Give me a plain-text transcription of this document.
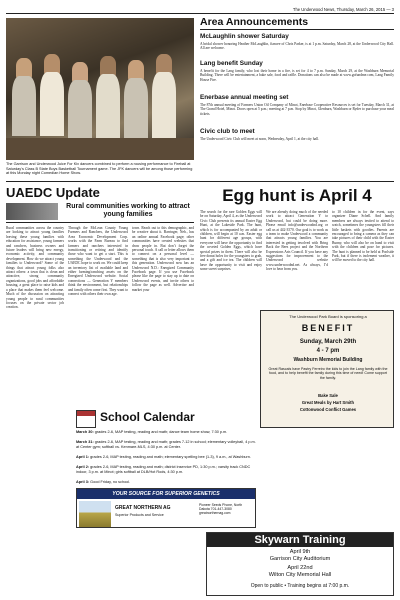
The Underwood News, Thursday, March 26, 2015 — 3
The Garrison and Underwood Juice For Kix dancers combined to perform a rousing performance to Fireball at Saturday’s Class B State Boys Basketball Tournament game. The JFK dancers will be among those performing at this Monday night Comedian Home Show.
Area Announcements
McLaughlin shower Saturday
A bridal shower honoring Heather McLaughlin, fiancee of Chris Parker, is at 1 p.m. Saturday, March 28, at the Underwood City Hall. All are welcome.
Lang benefit Sunday
A benefit for the Lang family, who lost their home in a fire, is set for 4 to 7 p.m. Sunday, March 29, at the Washburn Memorial Building. There will be entertainment, a bake sale, food and raffle. Donations can also be made at www.gofundme.com, Lang Family House Fire.
Enerbase annual meeting set
The 87th annual meeting of Farmers Union Oil Company of Minot, Enerbase Cooperative Resources is set for Tuesday, March 31, at The Grand Hotel, Minot. Doors open at 5 p.m.; meeting at 7 p.m. Stop by Minot, Glenburn, Washburn or Ryder to purchase your meal tickets.
Civic club to meet
The Underwood Civic Club will meet at noon, Wednesday, April 1, at the city hall.
UAEDC Update
Rural communities working to attract young families
Rural communities across the country are looking to attract young families leaving these young families with education for assistance, young farmers and ranchers, business owners and future leaders will bring new energy, economic activity, and community development. How do we attract young families to Underwood? Some of the things that attract young folks also attract others: a town that is clean and attractive, strong community organizations, good jobs and affordable housing, a great place to raise kids and a place that makes them feel welcome. Much of the discussion on attracting young people to rural communities focuses on the private sector job creation.
Through the McLean County Young Farmers and Ranchers, the Underwood Area Economic Development Corp. works with the Farm Bureau to find farmers and ranchers interested in transitioning or retiring and identify those who want to get a start. This is something the Underwood and the UAEDC hope to work on. We could keep an inventory list of available land and either farming/ranching assets on the Energized Underwood website. Social connections — Generation Y members think the environment, but relationships and family often come first. They want to connect with others their own age.
town. Reach out to this demographic, and be creative about it. Barringer, Neb., has an online annual Facebook page; other communities have created websites that draw people in. But don’t forget the personal touch. A call or letter allows them to connect on a personal level — something that is also very important to this generation. Underwood now has an Underwood N.D.: Energized Community Facebook page. If you use Facebook please like the page to stay up to date on Underwood events, and invite others to follow the page as well. Advertise and market your
Egg hunt is April 4
The search for the rare Golden Eggs will be on Saturday, April 4, as the Underwood Civic Club presents its annual Easter Egg Hunt, at the Lakeside Park. The hunt, which is for accompanied by an adult or children, will begin at 10 a.m. Easter egg hunt for different age groups, with everyone will have the opportunity to find the coveted Golden Eggs, which have special prizes in them. There will also be free donut holes for the youngsters to grab, and a gift and ice tea. The children will have the opportunity to visit and enjoy some sweet surprises.
We are already doing much of the needed work to attract Generation Y to Underwood, but could be doing more. Please email info@underwoodnd.org or call us at 442-3570. Our goal is to work as a team to make Underwood a community that attracts young families. You are interested in getting involved with Bring Back the Bees project and the Northern Expressions Arts Council. If you have any suggestions for improvement to the Underwood website www.underwoodnd.net. As always, I’d love to hear from you.
to 10 children in for the event, says organizer Diane Schell. And family members are always invited to attend to watch, sometimes the youngsters fill their little baskets with goodies. Parents are encouraged to bring a camera as they can take pictures of their child with the Easter Bunny, who will also be on hand to visit with the children and pose for pictures. The hunt is planned to be held at Poolside Park, but if there is inclement weather, it will be moved to the city hall.
The Underwood Park Board is sponsoring a
BENEFIT
Sunday, March 29th
4 - 7 pm
Washburn Memorial Building
Great Rascals have Pastry Ferreiro the kids to join the Lang family with the food, and to help benefit the family during this time of need! Come support the family.
Bake Sale
Great Meals by Hart Smith
Cottonwood Conflict Games
School Calendar
March 30: grades 2-6, MAP testing, reading and math; dance team home show, 7:30 p.m.
March 31: grades 2-6, MAP testing, reading and math; grades 7-12 in school; elementary volleyball, 4 p.m. at Center gym; softball vs. Kenmare-MLS, 4:30 p.m. at Center.
April 1: grades 2-6, MAP testing, reading and math; elementary spelling bee (1-3), 9 a.m., at Washburn.
April 2: grades 2-6, MAP testing, reading and math; district inservice PD, 1:30 p.m.; varsity track CNDC indoor, 3 p.m. at Minot; girls softball at DLB/Hot Rods, 4:30 p.m.
April 3: Good Friday, no school.
YOUR SOURCE FOR SUPERIOR GENETICS
GREAT NORTHERN AG
Superior Products and Service
Pioneer Seeds Phone, North Dakota 701-447-3080 greatnorthernag.com
Skywarn Training
April 9th
Garrison City Auditorium
April 22nd
Wilton City Memorial Hall
Open to public • Training begins at 7:00 p.m.
